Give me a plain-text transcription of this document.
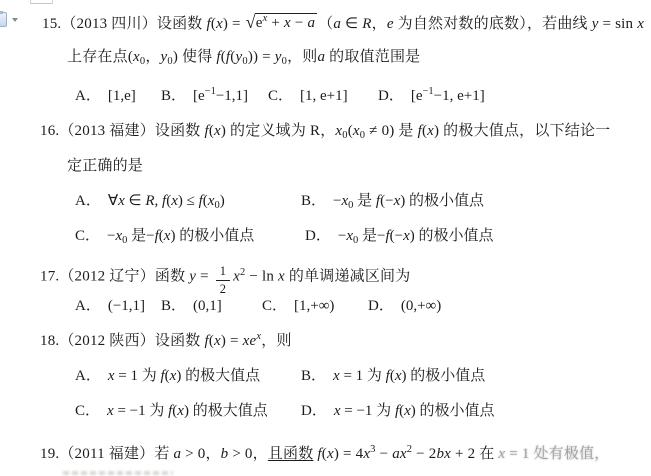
15.（2013 四川）设函数 f(x) = √ $e^x + x - a$ （a ∈ R，e 为自然对数的底数），若曲线 y = sin x
上存在点($x_0$，$y_0$) 使得 $f(f(y_0)) = y_0$，则a 的取值范围是
A． [1,e] B． $[e^{-1}-1,1]$ C． [1, e+1] D． [$e^{-1}-1$, e+1]
16.（2013 福建）设函数 f(x) 的定义域为 R，$x_0(x_0 \ne 0)$ 是 f(x) 的极大值点，以下结论一
定正确的是
A． ∀x ∈ R, $f(x) \le f(x_0)$	B． $-x_0$ 是 f(−x) 的极小值点
C． $-x_0$ 是−f(x) 的极小值点	D． $-x_0$ 是−f(−x) 的极小值点
17.（2012 辽宁）函数 $y = \frac{1}{2} x^2 - \ln x$ 的单调递减区间为
A． (−1,1] B． (0,1]	C． [1,+∞) D． (0,+∞)
18.（2012 陕西）设函数 $f(x) = xe^x$，则
A． x = 1 为 f(x) 的极大值点	B． x = 1 为 f(x) 的极小值点
C． x = −1 为 f(x) 的极大值点 D． x = −1 为 f(x) 的极小值点
19.（2011 福建）若 a > 0，b > 0，且函数 $f(x) = 4x^3 - ax^2 - 2bx + 2$ 在 x = 1 处有极值，
